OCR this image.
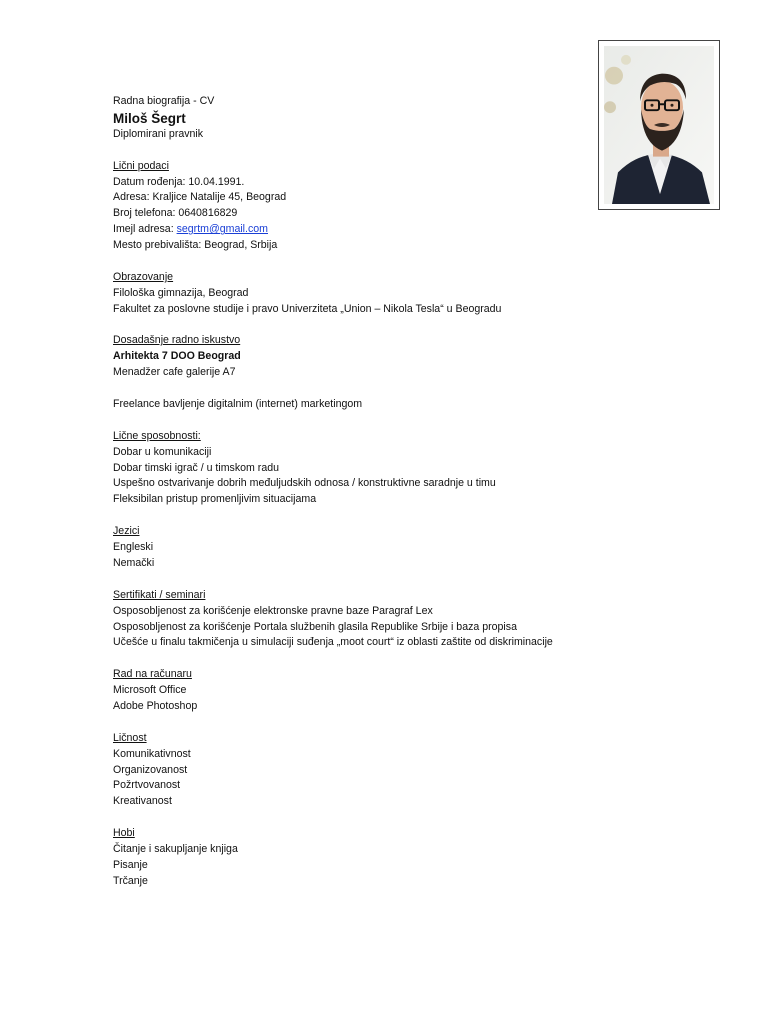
Radna biografija - CV
Miloš Šegrt
Diplomirani pravnik
Lični podaci
Datum rođenja: 10.04.1991.
Adresa: Kraljice Natalije 45, Beograd
Broj telefona: 0640816829
Imejl adresa: segrtm@gmail.com
Mesto prebivališta: Beograd, Srbija
Obrazovanje
Filološka gimnazija, Beograd
Fakultet za poslovne studije i pravo Univerziteta „Union – Nikola Tesla“ u Beogradu
Dosadašnje radno iskustvo
Arhitekta 7 DOO Beograd
Menadžer cafe galerije A7
Freelance bavljenje digitalnim (internet) marketingom
Lične sposobnosti:
Dobar u komunikaciji
Dobar timski igrač / u timskom radu
Uspešno ostvarivanje dobrih međuljudskih odnosa / konstruktivne saradnje u timu
Fleksibilan pristup promenljivim situacijama
Jezici
Engleski
Nemački
Sertifikati / seminari
Osposobljenost za korišćenje elektronske pravne baze Paragraf Lex
Osposobljenost za korišćenje Portala službenih glasila Republike Srbije i baza propisa
Učešće u finalu takmičenja u simulaciji suđenja „moot court“ iz oblasti zaštite od diskriminacije
Rad na računaru
Microsoft Office
Adobe Photoshop
Ličnost
Komunikativnost
Organizovanost
Požrtvovanost
Kreativanost
Hobi
Čitanje i sakupljanje knjiga
Pisanje
Trčanje
